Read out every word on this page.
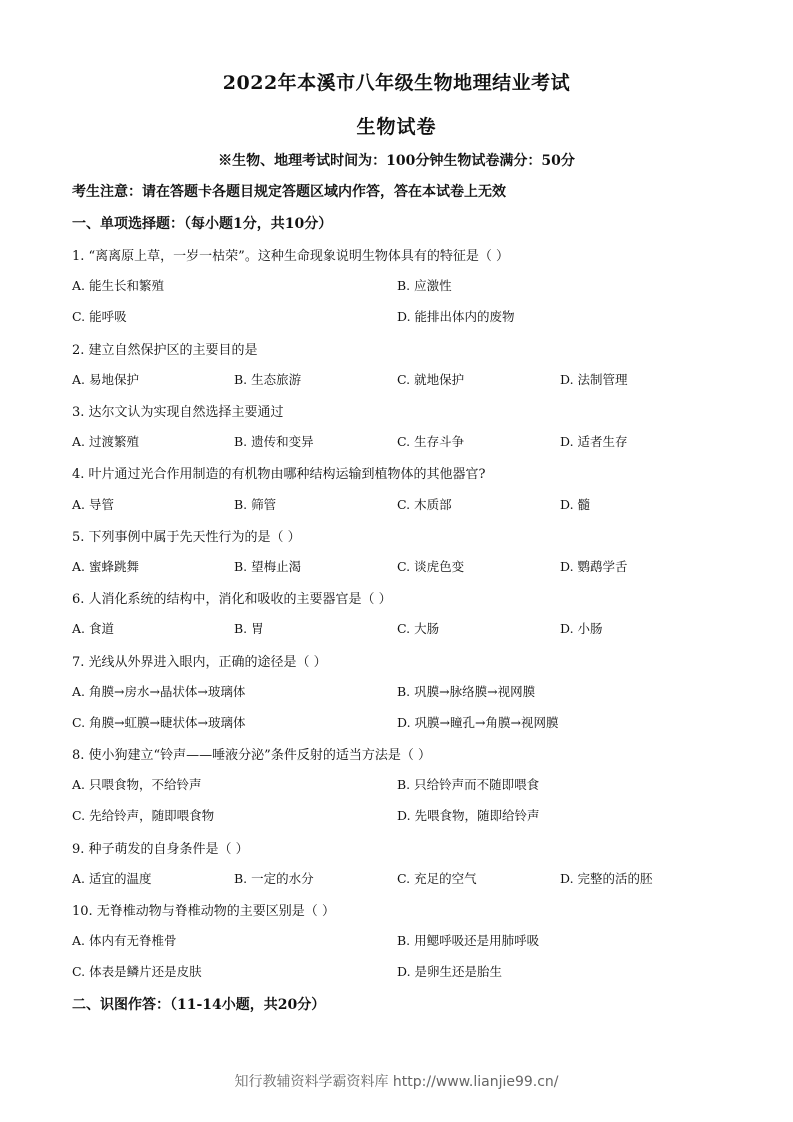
2022年本溪市八年级生物地理结业考试
生物试卷
※生物、地理考试时间为：100分钟生物试卷满分：50分
考生注意：请在答题卡各题目规定答题区域内作答，答在本试卷上无效
一、单项选择题：（每小题1分，共10分）
1. “离离原上草，一岁一枯荣”。这种生命现象说明生物体具有的特征是（ ）
A. 能生长和繁殖	B. 应激性
C. 能呼吸	D. 能排出体内的废物
2. 建立自然保护区的主要目的是
A. 易地保护	B. 生态旅游	C. 就地保护	D. 法制管理
3. 达尔文认为实现自然选择主要通过
A. 过渡繁殖	B. 遗传和变异	C. 生存斗争	D. 适者生存
4. 叶片通过光合作用制造的有机物由哪种结构运输到植物体的其他器官?
A. 导管	B. 筛管	C. 木质部	D. 髓
5. 下列事例中属于先天性行为的是（ ）
A. 蜜蜂跳舞	B. 望梅止渴	C. 谈虎色变	D. 鹦鹉学舌
6. 人消化系统的结构中，消化和吸收的主要器官是（ ）
A. 食道	B. 胃	C. 大肠	D. 小肠
7. 光线从外界进入眼内，正确的途径是（ ）
A. 角膜→房水→晶状体→玻璃体	B. 巩膜→脉络膜→视网膜
C. 角膜→虹膜→睫状体→玻璃体	D. 巩膜→瞳孔→角膜→视网膜
8. 使小狗建立“铃声——唾液分泌”条件反射的适当方法是（ ）
A. 只喂食物，不给铃声	B. 只给铃声而不随即喂食
C. 先给铃声，随即喂食物	D. 先喂食物，随即给铃声
9. 种子萌发的自身条件是（ ）
A. 适宜的温度	B. 一定的水分	C. 充足的空气	D. 完整的活的胚
10. 无脊椎动物与脊椎动物的主要区别是（ ）
A. 体内有无脊椎骨	B. 用鳃呼吸还是用肺呼吸
C. 体表是鳞片还是皮肤	D. 是卵生还是胎生
二、识图作答：（11-14小题，共20分）
知行教辅资料学霸资料库 http://www.lianjie99.cn/
